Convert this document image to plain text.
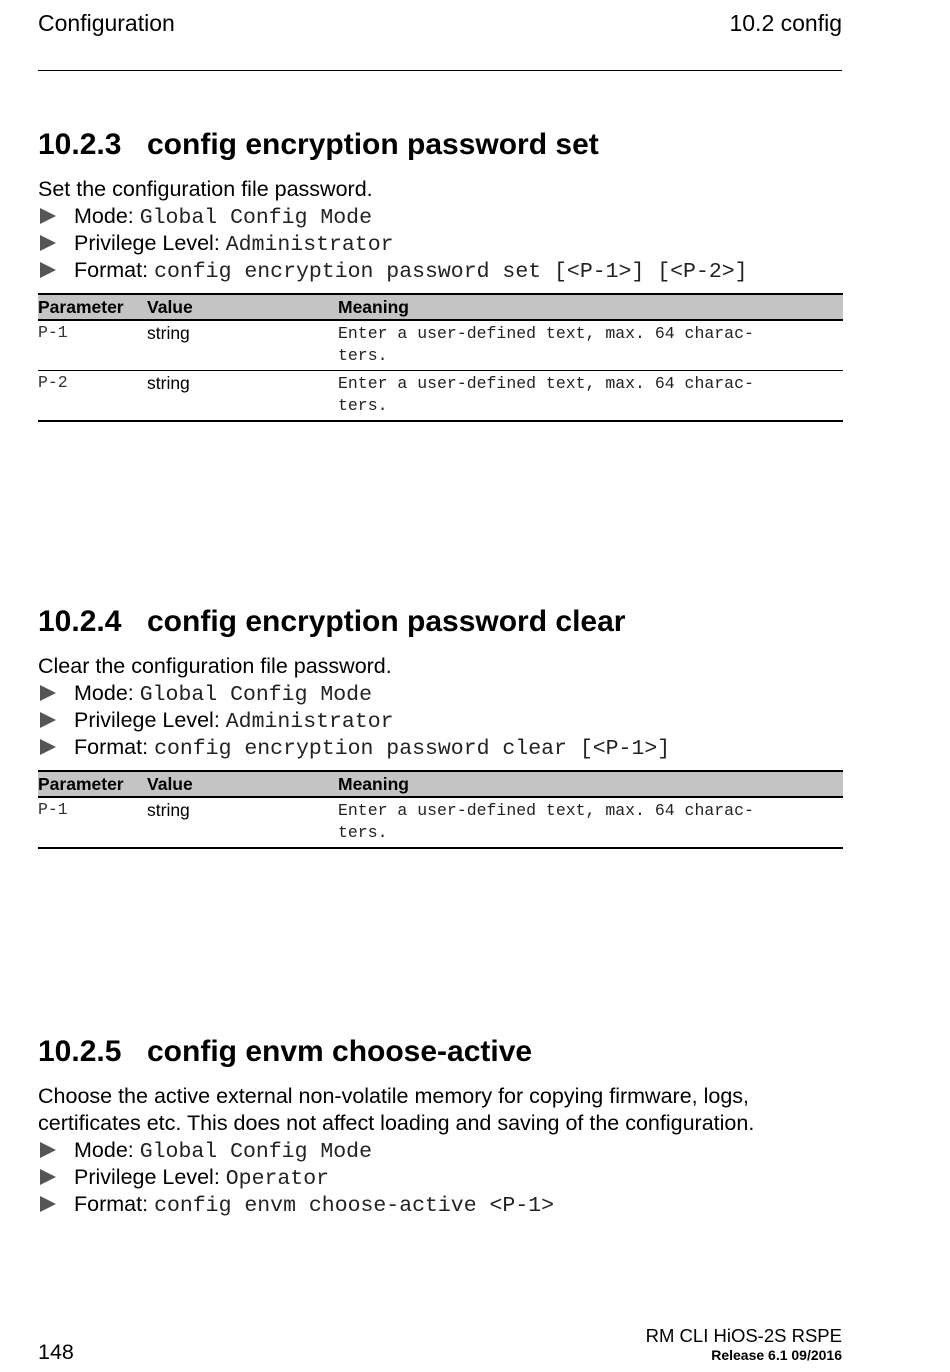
Configuration	10.2 config
10.2.3 config encryption password set
Set the configuration file password.
Mode: Global Config Mode
Privilege Level: Administrator
Format: config encryption password set [<P-1>] [<P-2>]
Parameter	Value	Meaning
P-1	string	Enter a user-defined text, max. 64 charac-
ters.
P-2	string	Enter a user-defined text, max. 64 charac-
ters.
10.2.4 config encryption password clear
Clear the configuration file password.
Mode: Global Config Mode
Privilege Level: Administrator
Format: config encryption password clear [<P-1>]
Parameter	Value	Meaning
P-1	string	Enter a user-defined text, max. 64 charac-
ters.
10.2.5 config envm choose-active
Choose the active external non-volatile memory for copying firmware, logs, certificates etc. This does not affect loading and saving of the configuration.
Mode: Global Config Mode
Privilege Level: Operator
Format: config envm choose-active <P-1>
148
RM CLI HiOS-2S RSPE
Release 6.1 09/2016
